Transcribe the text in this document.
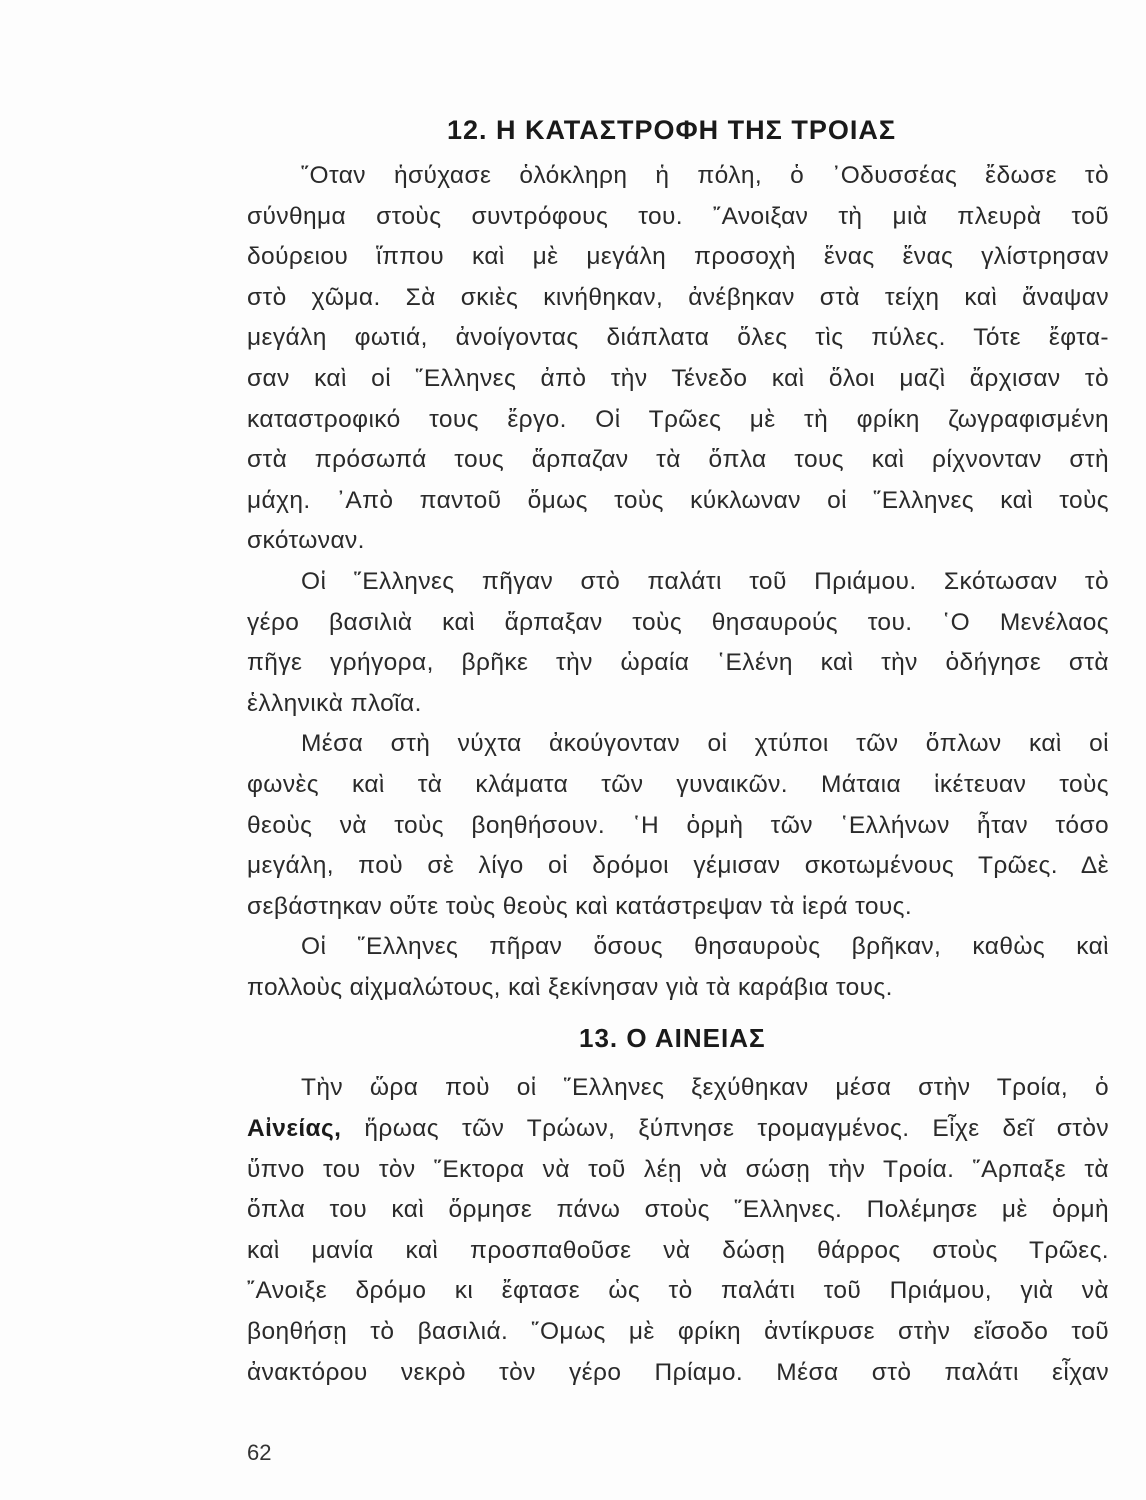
12. Η ΚΑΤΑΣΤΡΟΦΗ ΤΗΣ ΤΡΟΙΑΣ

῞Οταν ἡσύχασε ὁλόκληρη ἡ πόλη, ὁ ᾿Οδυσσέας ἔδωσε τὸ
σύνθημα στοὺς συντρόφους του. ῎Ανοιξαν τὴ μιὰ πλευρὰ τοῦ
δούρειου ἵππου καὶ μὲ μεγάλη προσοχὴ ἕνας ἕνας γλίστρησαν
στὸ χῶμα. Σὰ σκιὲς κινήθηκαν, ἀνέβηκαν στὰ τείχη καὶ ἄναψαν
μεγάλη φωτιά, ἀνοίγοντας διάπλατα ὅλες τὶς πύλες. Τότε ἔφτα-
σαν καὶ οἱ ῞Ελληνες ἀπὸ τὴν Τένεδο καὶ ὅλοι μαζὶ ἄρχισαν τὸ
καταστροφικό τους ἔργο. Οἱ Τρῶες μὲ τὴ φρίκη ζωγραφισμένη
στὰ πρόσωπά τους ἅρπαζαν τὰ ὅπλα τους καὶ ρίχνονταν στὴ
μάχη. ᾿Απὸ παντοῦ ὅμως τοὺς κύκλωναν οἱ ῞Ελληνες καὶ τοὺς
σκότωναν.

Οἱ ῞Ελληνες πῆγαν στὸ παλάτι τοῦ Πριάμου. Σκότωσαν τὸ
γέρο βασιλιὰ καὶ ἅρπαξαν τοὺς θησαυρούς του. ῾Ο Μενέλαος
πῆγε γρήγορα, βρῆκε τὴν ὡραία ῾Ελένη καὶ τὴν ὁδήγησε στὰ
ἑλληνικὰ πλοῖα.

Μέσα στὴ νύχτα ἀκούγονταν οἱ χτύποι τῶν ὅπλων καὶ οἱ
φωνὲς καὶ τὰ κλάματα τῶν γυναικῶν. Μάταια ἱκέτευαν τοὺς
θεοὺς νὰ τοὺς βοηθήσουν. ῾Η ὁρμὴ τῶν ῾Ελλήνων ἦταν τόσο
μεγάλη, ποὺ σὲ λίγο οἱ δρόμοι γέμισαν σκοτωμένους Τρῶες. Δὲ
σεβάστηκαν οὔτε τοὺς θεοὺς καὶ κατάστρεψαν τὰ ἱερά τους.

Οἱ ῞Ελληνες πῆραν ὅσους θησαυροὺς βρῆκαν, καθὼς καὶ
πολλοὺς αἰχμαλώτους, καὶ ξεκίνησαν γιὰ τὰ καράβια τους.

13. Ο ΑΙΝΕΙΑΣ

Τὴν ὥρα ποὺ οἱ ῞Ελληνες ξεχύθηκαν μέσα στὴν Τροία, ὁ
Αἰνείας, ἥρωας τῶν Τρώων, ξύπνησε τρομαγμένος. Εἶχε δεῖ στὸν
ὕπνο του τὸν ῞Εκτορα νὰ τοῦ λέῃ νὰ σώσῃ τὴν Τροία. ῞Αρπαξε τὰ
ὅπλα του καὶ ὅρμησε πάνω στοὺς ῞Ελληνες. Πολέμησε μὲ ὁρμὴ
καὶ μανία καὶ προσπαθοῦσε νὰ δώσῃ θάρρος στοὺς Τρῶες.
῎Ανοιξε δρόμο κι ἔφτασε ὡς τὸ παλάτι τοῦ Πριάμου, γιὰ νὰ
βοηθήσῃ τὸ βασιλιά. ῞Ομως μὲ φρίκη ἀντίκρυσε στὴν εἴσοδο τοῦ
ἀνακτόρου νεκρὸ τὸν γέρο Πρίαμο. Μέσα στὸ παλάτι εἶχαν

62
